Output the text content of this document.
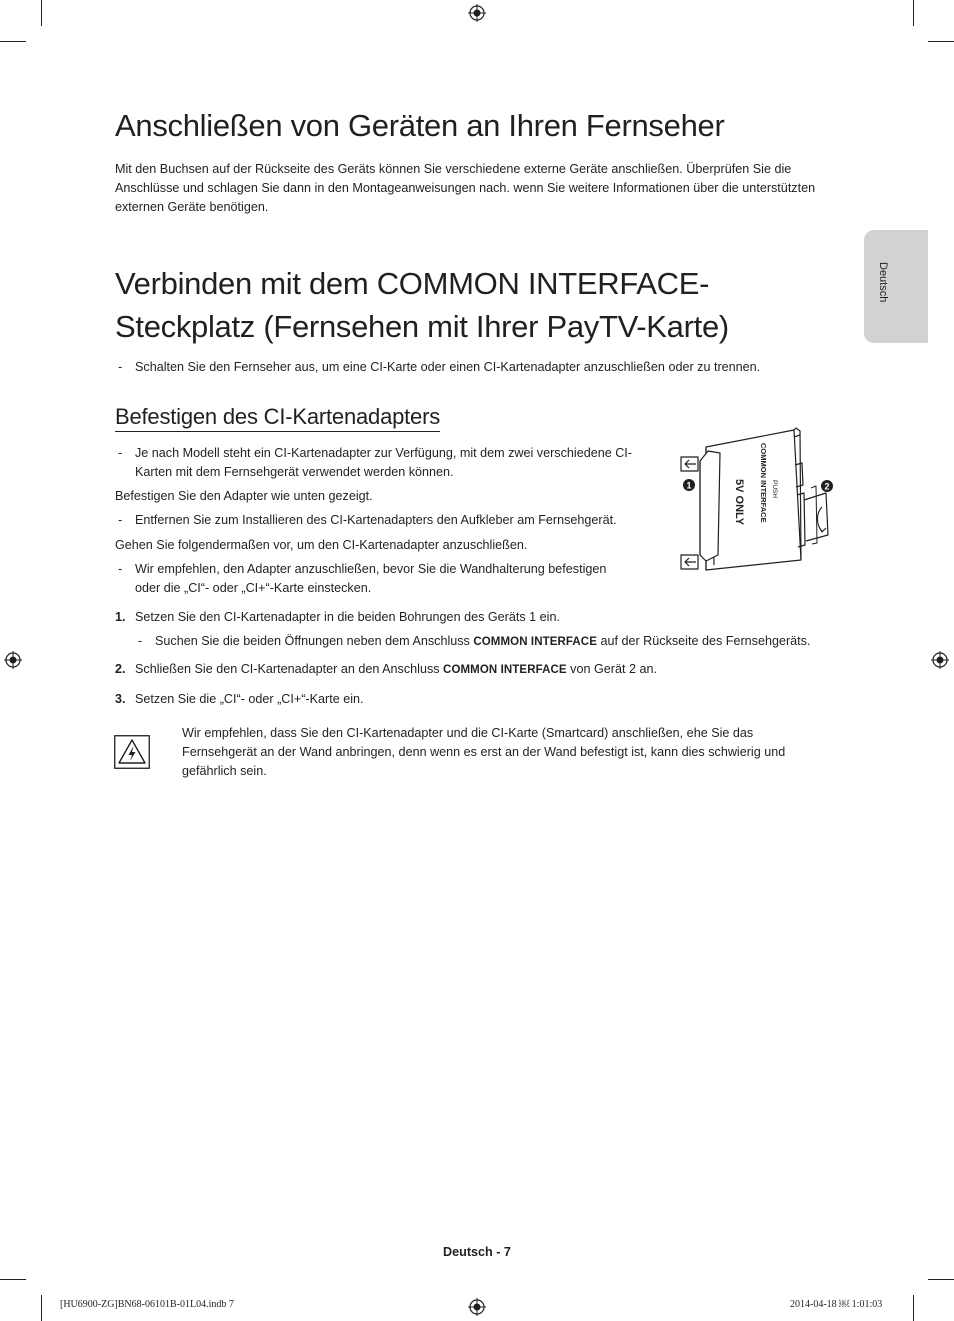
Deutsch
Anschließen von Geräten an Ihren Fernseher

Mit den Buchsen auf der Rückseite des Geräts können Sie verschiedene externe Geräte anschließen. Überprüfen Sie die Anschlüsse und schlagen Sie dann in den Montageanweisungen nach. wenn Sie weitere Informationen über die unterstützten externen Geräte benötigen.

Verbinden mit dem COMMON INTERFACE-Steckplatz (Fernsehen mit Ihrer PayTV-Karte)
- Schalten Sie den Fernseher aus, um eine CI-Karte oder einen CI-Kartenadapter anzuschließen oder zu trennen.

Befestigen des CI-Kartenadapters
- Je nach Modell steht ein CI-Kartenadapter zur Verfügung, mit dem zwei verschiedene CI-Karten mit dem Fernsehgerät verwendet werden können.

Befestigen Sie den Adapter wie unten gezeigt.

- Entfernen Sie zum Installieren des CI-Kartenadapters den Aufkleber am Fernsehgerät.

Gehen Sie folgendermaßen vor, um den CI-Kartenadapter anzuschließen.

- Wir empfehlen, den Adapter anzuschließen, bevor Sie die Wandhalterung befestigen oder die „CI“- oder „CI+“-Karte einstecken.

1. Setzen Sie den CI-Kartenadapter in die beiden Bohrungen des Geräts 1 ein.

- Suchen Sie die beiden Öffnungen neben dem Anschluss COMMON INTERFACE auf der Rückseite des Fernsehgeräts.

2. Schließen Sie den CI-Kartenadapter an den Anschluss COMMON INTERFACE von Gerät 2 an.

3. Setzen Sie die „CI“- oder „CI+“-Karte ein.

Wir empfehlen, dass Sie den CI-Kartenadapter und die CI-Karte (Smartcard) anschließen, ehe Sie das Fernsehgerät an der Wand anbringen, denn wenn es erst an der Wand befestigt ist, kann dies schwierig und gefährlich sein.

1	2
COMMON INTERFACE PUSH
5V ONLY
Deutsch - 7
[HU6900-ZG]BN68-06101B-01L04.indb 7	2014-04-18 ￼ 1:01:03
